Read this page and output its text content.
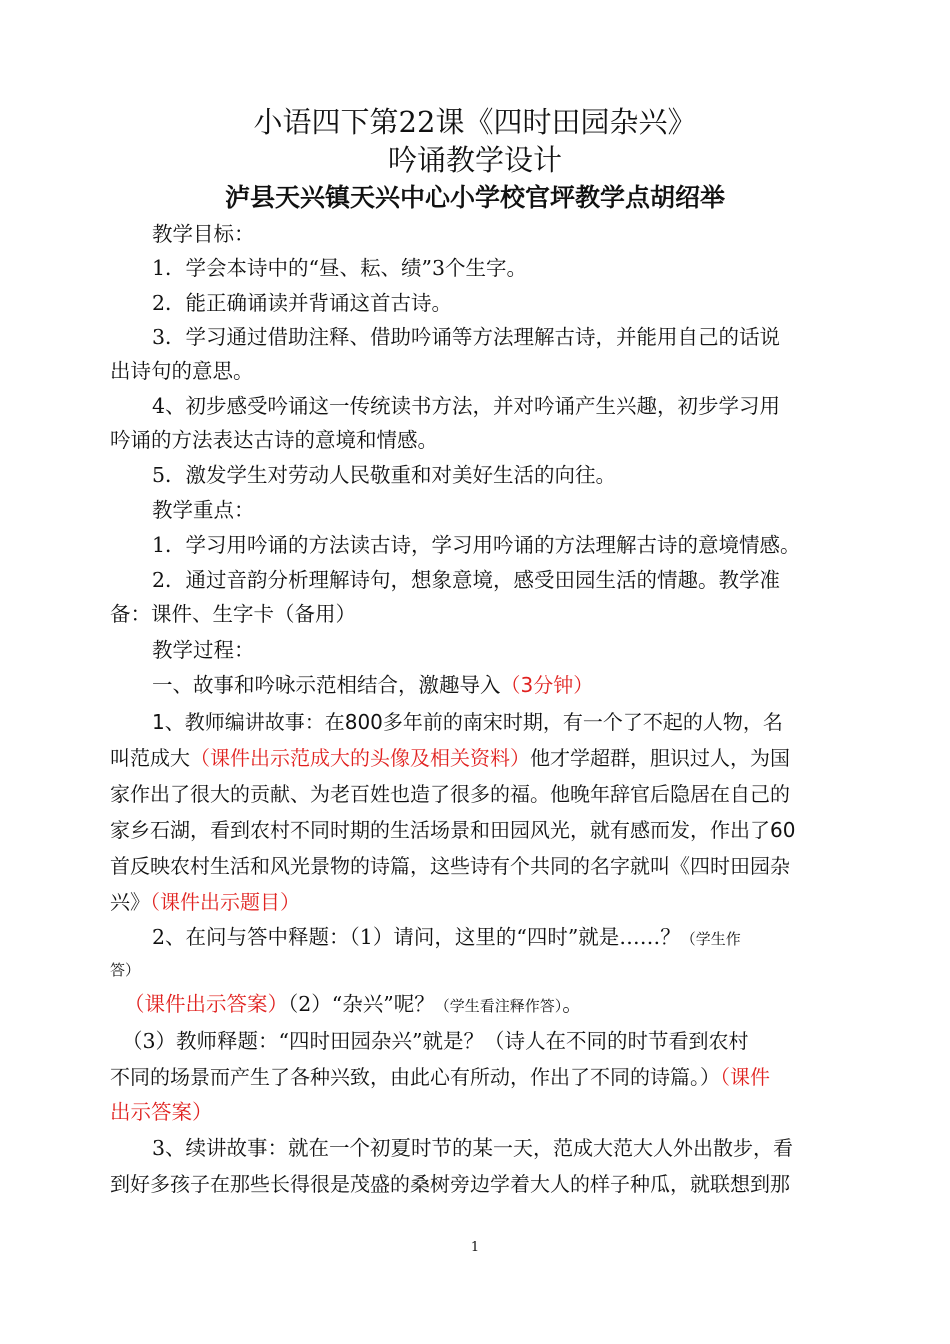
小语四下第22课《四时田园杂兴》
吟诵教学设计
泸县天兴镇天兴中心小学校官坪教学点胡绍举
教学目标：
1．学会本诗中的“昼、耘、绩”3个生字。
2．能正确诵读并背诵这首古诗。
3．学习通过借助注释、借助吟诵等方法理解古诗，并能用自己的话说
出诗句的意思。
4、初步感受吟诵这一传统读书方法，并对吟诵产生兴趣，初步学习用
吟诵的方法表达古诗的意境和情感。
5．激发学生对劳动人民敬重和对美好生活的向往。
教学重点：
1．学习用吟诵的方法读古诗，学习用吟诵的方法理解古诗的意境情感。
2．通过音韵分析理解诗句，想象意境，感受田园生活的情趣。教学准
备：课件、生字卡（备用）
教学过程：
一、故事和吟咏示范相结合，激趣导入（3分钟）
1、教师编讲故事：在800多年前的南宋时期，有一个了不起的人物，名
叫范成大（课件出示范成大的头像及相关资料）他才学超群，胆识过人，为国
家作出了很大的贡献、为老百姓也造了很多的福。他晚年辞官后隐居在自己的
家乡石湖，看到农村不同时期的生活场景和田园风光，就有感而发，作出了60
首反映农村生活和风光景物的诗篇，这些诗有个共同的名字就叫《四时田园杂
兴》（课件出示题目）
2、在问与答中释题：（1）请问，这里的“四时”就是……？（学生作
答）
（课件出示答案）（2）“杂兴”呢？（学生看注释作答）。
（3）教师释题：“四时田园杂兴”就是？（诗人在不同的时节看到农村
不同的场景而产生了各种兴致，由此心有所动，作出了不同的诗篇。）（课件
出示答案）
3、续讲故事：就在一个初夏时节的某一天，范成大范大人外出散步，看
到好多孩子在那些长得很是茂盛的桑树旁边学着大人的样子种瓜，就联想到那
1
